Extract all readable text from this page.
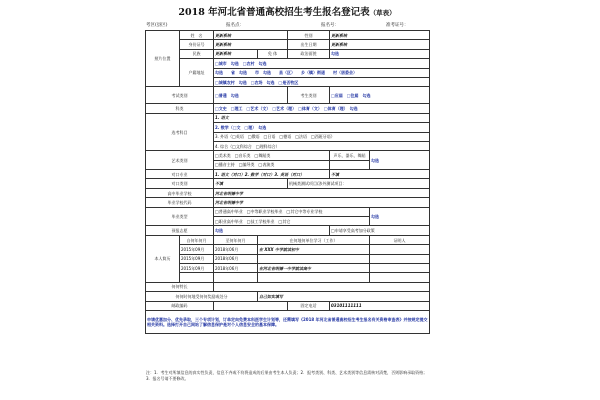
2018 年河北省普通高校招生考生报名登记表（草表）
考区(县区)	报名点：	报名号：	准考证号：
照片位置	姓　名	更新系统		性别	更新系统	
	身份证号	更新系统		出生日期	更新系统	
	民族	更新系统	免 体	政治面貌	勾选	
	户籍地址	□城市　勾选　□农村　勾选				
		勾选　　省　勾选　　市　勾选　　县（区）　　乡（镇）街道　　村（居委会）				
		□城镇农村　勾选　□农场　勾选　□是否牧区				
考试类别		□普通　勾选		考生类别	□应届　□往届　勾选	
科类		□文史　□理工　□艺术（文）　□艺术（理）　□体育（文）　□体育（理）　勾选				
选考科目		1. 语文				
		2. 数学（□文　□理）　勾选				
		3. 外语（□英语　□俄语　□日语　□德语　□法语　□西班牙语）				
		4. 综合（□文科综合　□理科综合）				
艺术类别		□美术类　□音乐类　□舞蹈类			声乐、器乐、舞蹈	勾选
		□播音主持　□编导类　□表演类				
对口专业		1. 语文（对口）2. 数学（对口）3. 英语（对口）			不填	
对口类别		不填		机械类测试项目/涉外测试项目：		
高中毕业学校		河北省明德中学				
毕业学校代码		河北省明德中学				
毕业类型		□普通高中毕业　□中等职业学校毕业　□其它中等专业学校				勾选
		□职业高中毕业　□技工学校毕业　□其它				
预报志愿		勾选			□申请享受高考加分政策	
本人简历	自何年何月	至何年何月	在何地何单位学习（工作）			证明人
	2015年09月	2018年06月	在 XXX 中学就读初中			
	2015年09月	2018年06月				
	2015年09月	2018年06月	在河北省明德一中学就读高中			

何何特长						
何何时何地受何何奖励或处分			自己如实填写			
邮政编码				固定电话	03101111111	
申请优惠加分、优先录取，三个专项计划，订单定向免费本科医学生计划等，还需填写《2018 年河北省普通高校招生考生报名有关资格审查表》并按规定提交相关资料。选择打开自己网站了解信息保护是对个人信息安全的基本保障。						
注：1．考生对所填信息的真实性负责，信息不齐或不符将造成的后果由考生本人负责；2．报考类别、科类、艺术类别等信息需核对清楚，否则影响录取资格；3．报名号请不要修改。
